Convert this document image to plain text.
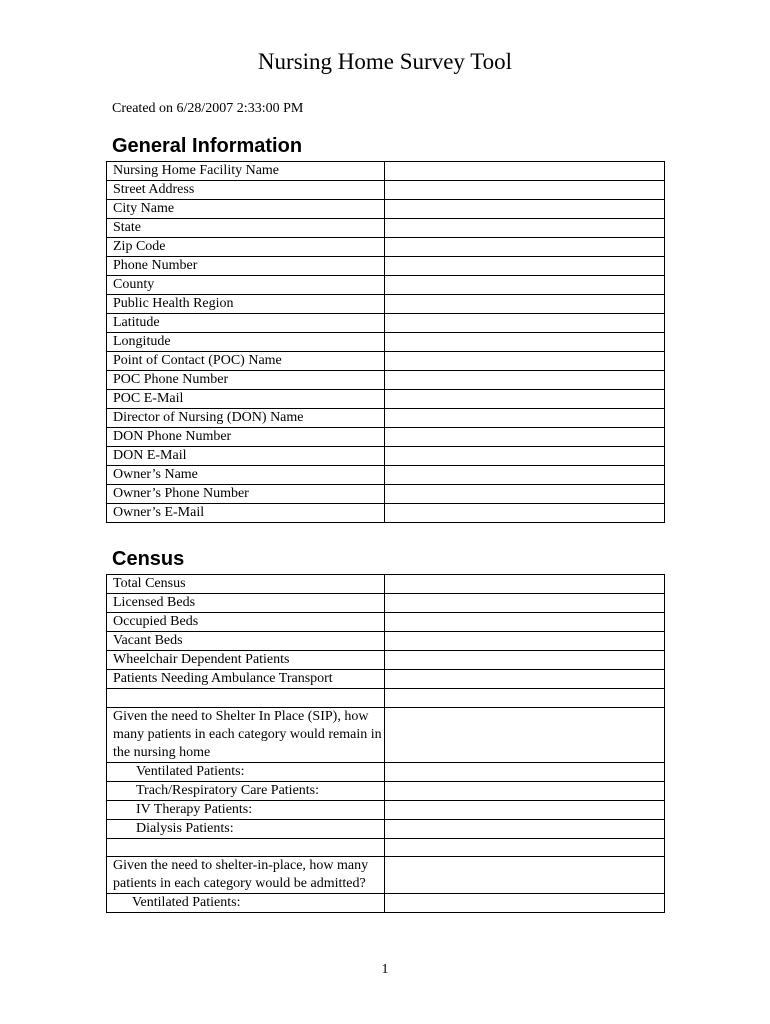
Nursing Home Survey Tool
Created on 6/28/2007 2:33:00 PM
General Information
Nursing Home Facility Name	
Street Address	
City Name	
State	
Zip Code	
Phone Number	
County	
Public Health Region	
Latitude	
Longitude	
Point of Contact (POC) Name	
POC Phone Number	
POC E-Mail	
Director of Nursing (DON) Name	
DON Phone Number	
DON E-Mail	
Owner’s Name	
Owner’s Phone Number	
Owner’s E-Mail	
Census
Total Census	
Licensed Beds	
Occupied Beds	
Vacant Beds	
Wheelchair Dependent Patients	
Patients Needing Ambulance Transport	

Given the need to Shelter In Place (SIP), how many patients in each category would remain in the nursing home	
Ventilated Patients:	
Trach/Respiratory Care Patients:	
IV Therapy Patients:	
Dialysis Patients:	

Given the need to shelter-in-place, how many patients in each category would be admitted?	
Ventilated Patients:	
1
